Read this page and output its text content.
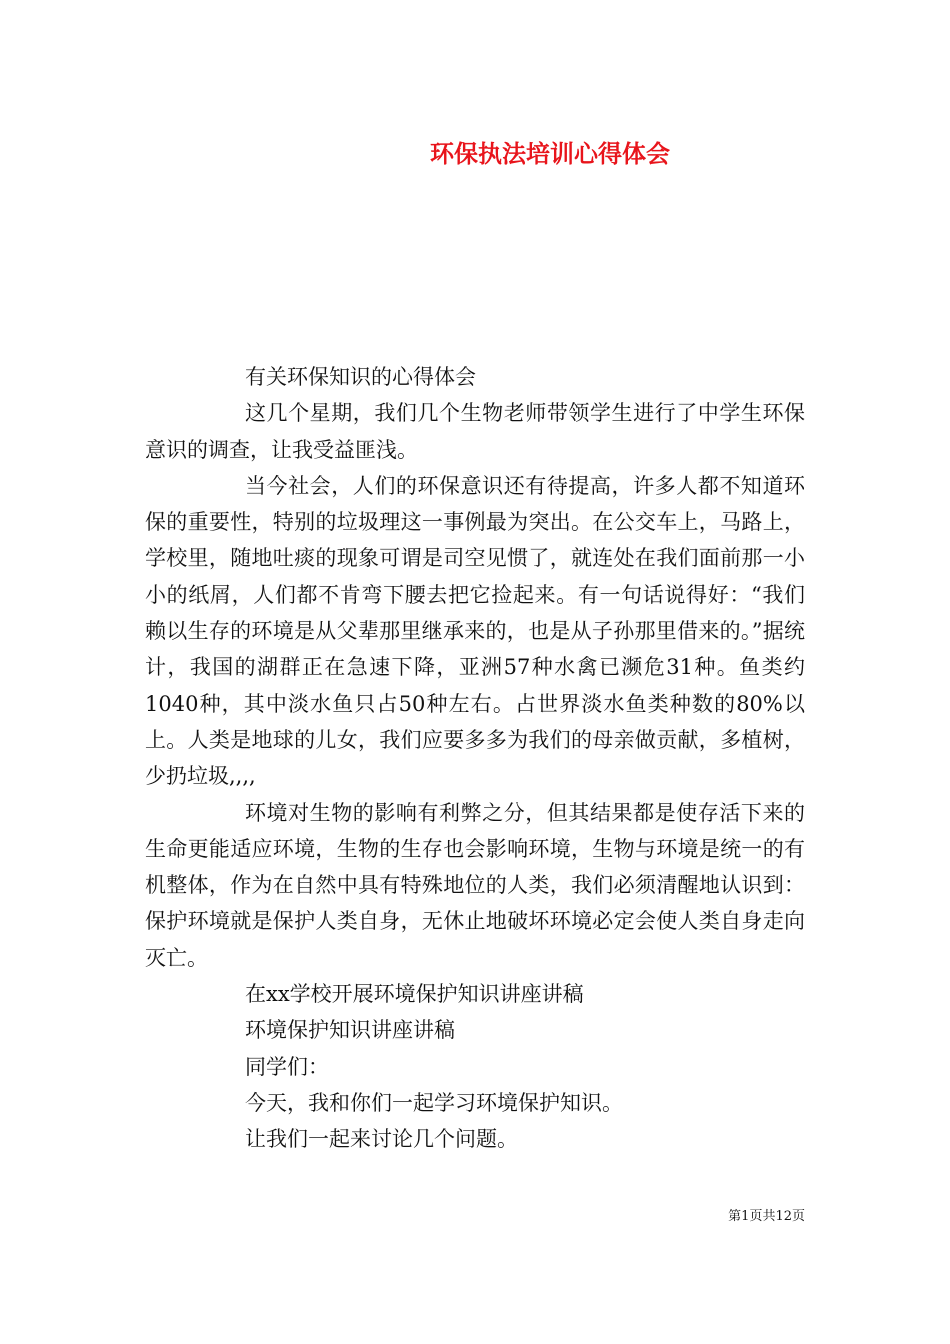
环保执法培训心得体会

有关环保知识的心得体会

这几个星期，我们几个生物老师带领学生进行了中学生环保意识的调查，让我受益匪浅。

当今社会，人们的环保意识还有待提高，许多人都不知道环保的重要性，特别的垃圾理这一事例最为突出。在公交车上，马路上，学校里，随地吐痰的现象可谓是司空见惯了，就连处在我们面前那一小小的纸屑，人们都不肯弯下腰去把它捡起来。有一句话说得好：“我们赖以生存的环境是从父辈那里继承来的，也是从子孙那里借来的。”据统计，我国的湖群正在急速下降，亚洲57种水禽已濒危31种。鱼类约1040种，其中淡水鱼只占50种左右。占世界淡水鱼类种数的80%以上。人类是地球的儿女，我们应要多多为我们的母亲做贡献，多植树，少扔垃圾,,,,

环境对生物的影响有利弊之分，但其结果都是使存活下来的生命更能适应环境，生物的生存也会影响环境，生物与环境是统一的有机整体，作为在自然中具有特殊地位的人类，我们必须清醒地认识到：保护环境就是保护人类自身，无休止地破坏环境必定会使人类自身走向灭亡。

在xx学校开展环境保护知识讲座讲稿

环境保护知识讲座讲稿

同学们：

今天，我和你们一起学习环境保护知识。

让我们一起来讨论几个问题。

第1页共12页
